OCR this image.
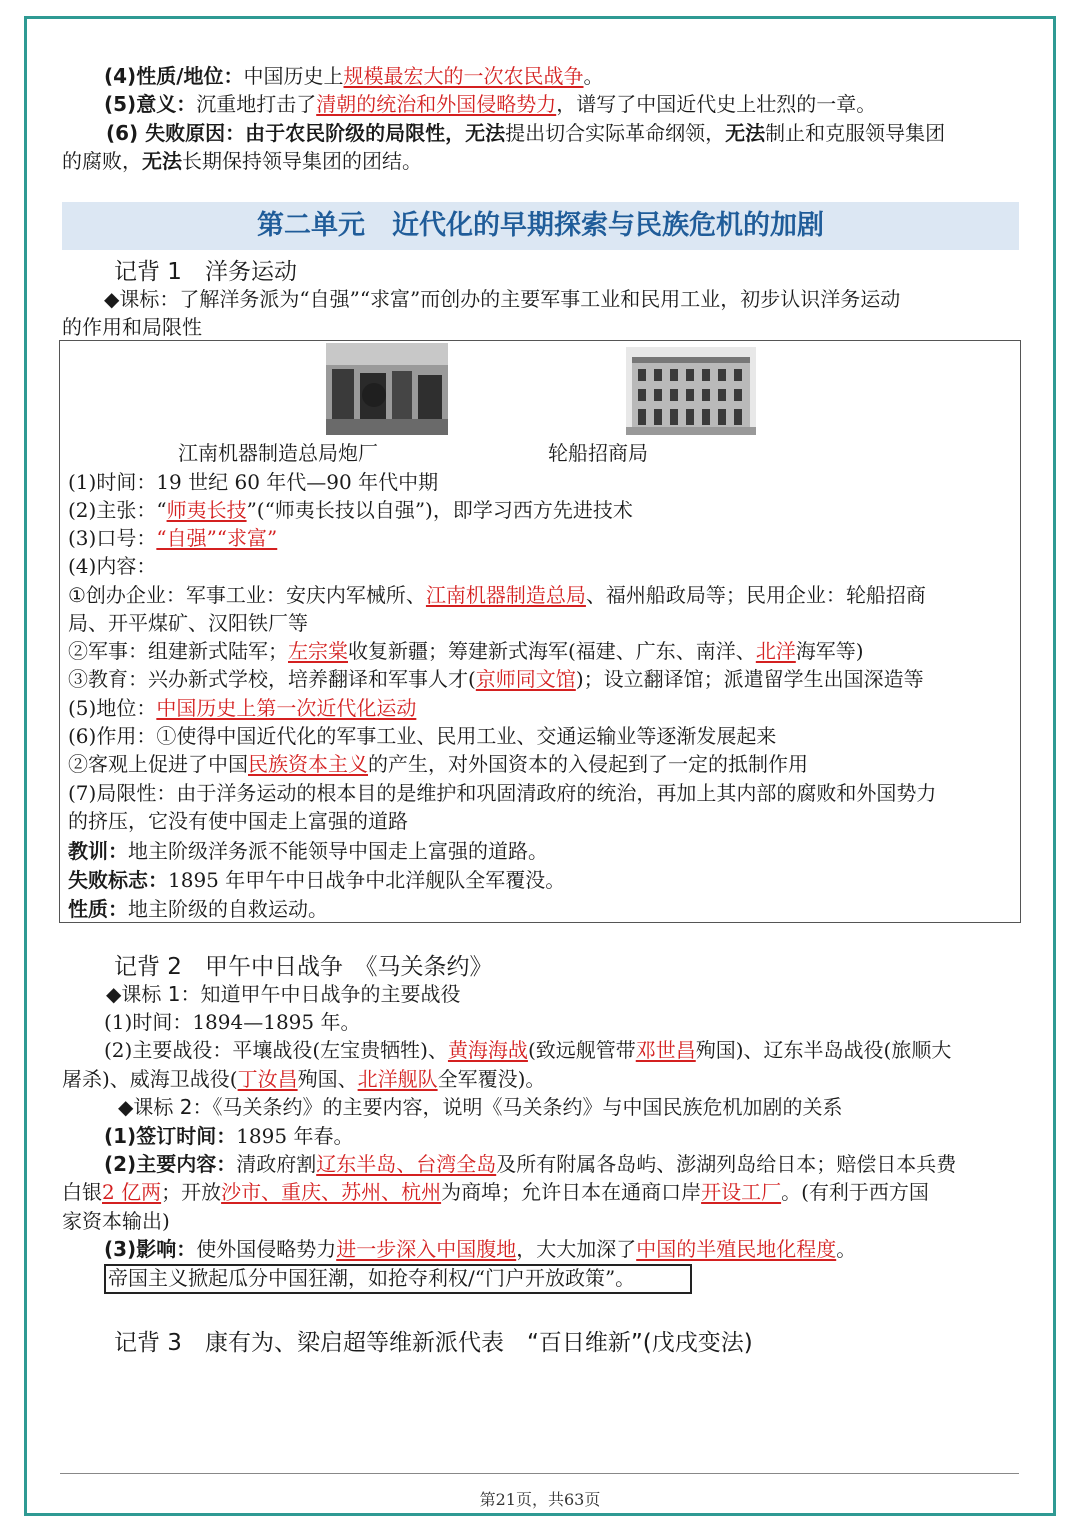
(4)性质/地位：中国历史上规模最宏大的一次农民战争。
(5)意义：沉重地打击了清朝的统治和外国侵略势力，谱写了中国近代史上壮烈的一章。
(6) 失败原因：由于农民阶级的局限性，无法提出切合实际革命纲领，无法制止和克服领导集团
的腐败，无法长期保持领导集团的团结。
第二单元　近代化的早期探索与民族危机的加剧
记背 1　洋务运动
◆课标：了解洋务派为“自强”“求富”而创办的主要军事工业和民用工业，初步认识洋务运动
的作用和局限性
江南机器制造总局炮厂	轮船招商局
(1)时间：19 世纪 60 年代—90 年代中期
(2)主张：“师夷长技”(“师夷长技以自强”)，即学习西方先进技术
(3)口号：“自强”“求富”
(4)内容：
①创办企业：军事工业：安庆内军械所、江南机器制造总局、福州船政局等；民用企业：轮船招商
局、开平煤矿、汉阳铁厂等
②军事：组建新式陆军；左宗棠收复新疆；筹建新式海军(福建、广东、南洋、北洋海军等)
③教育：兴办新式学校，培养翻译和军事人才(京师同文馆)；设立翻译馆；派遣留学生出国深造等
(5)地位：中国历史上第一次近代化运动
(6)作用：①使得中国近代化的军事工业、民用工业、交通运输业等逐渐发展起来
②客观上促进了中国民族资本主义的产生，对外国资本的入侵起到了一定的抵制作用
(7)局限性：由于洋务运动的根本目的是维护和巩固清政府的统治，再加上其内部的腐败和外国势力
的挤压，它没有使中国走上富强的道路
教训：地主阶级洋务派不能领导中国走上富强的道路。
失败标志：1895 年甲午中日战争中北洋舰队全军覆没。
性质：地主阶级的自救运动。
记背 2　甲午中日战争　《马关条约》
◆课标 1：知道甲午中日战争的主要战役
(1)时间：1894—1895 年。
(2)主要战役：平壤战役(左宝贵牺牲)、黄海海战(致远舰管带邓世昌殉国)、辽东半岛战役(旅顺大
屠杀)、威海卫战役(丁汝昌殉国、北洋舰队全军覆没)。
◆课标 2：《马关条约》的主要内容，说明《马关条约》与中国民族危机加剧的关系
(1)签订时间：1895 年春。
(2)主要内容：清政府割辽东半岛、台湾全岛及所有附属各岛屿、澎湖列岛给日本；赔偿日本兵费
白银2 亿两；开放沙市、重庆、苏州、杭州为商埠；允许日本在通商口岸开设工厂。(有利于西方国
家资本输出)
(3)影响：使外国侵略势力进一步深入中国腹地，大大加深了中国的半殖民地化程度。
帝国主义掀起瓜分中国狂潮，如抢夺利权/“门户开放政策”。
记背 3　康有为、梁启超等维新派代表　“百日维新”(戊戌变法)
第21页，共63页
